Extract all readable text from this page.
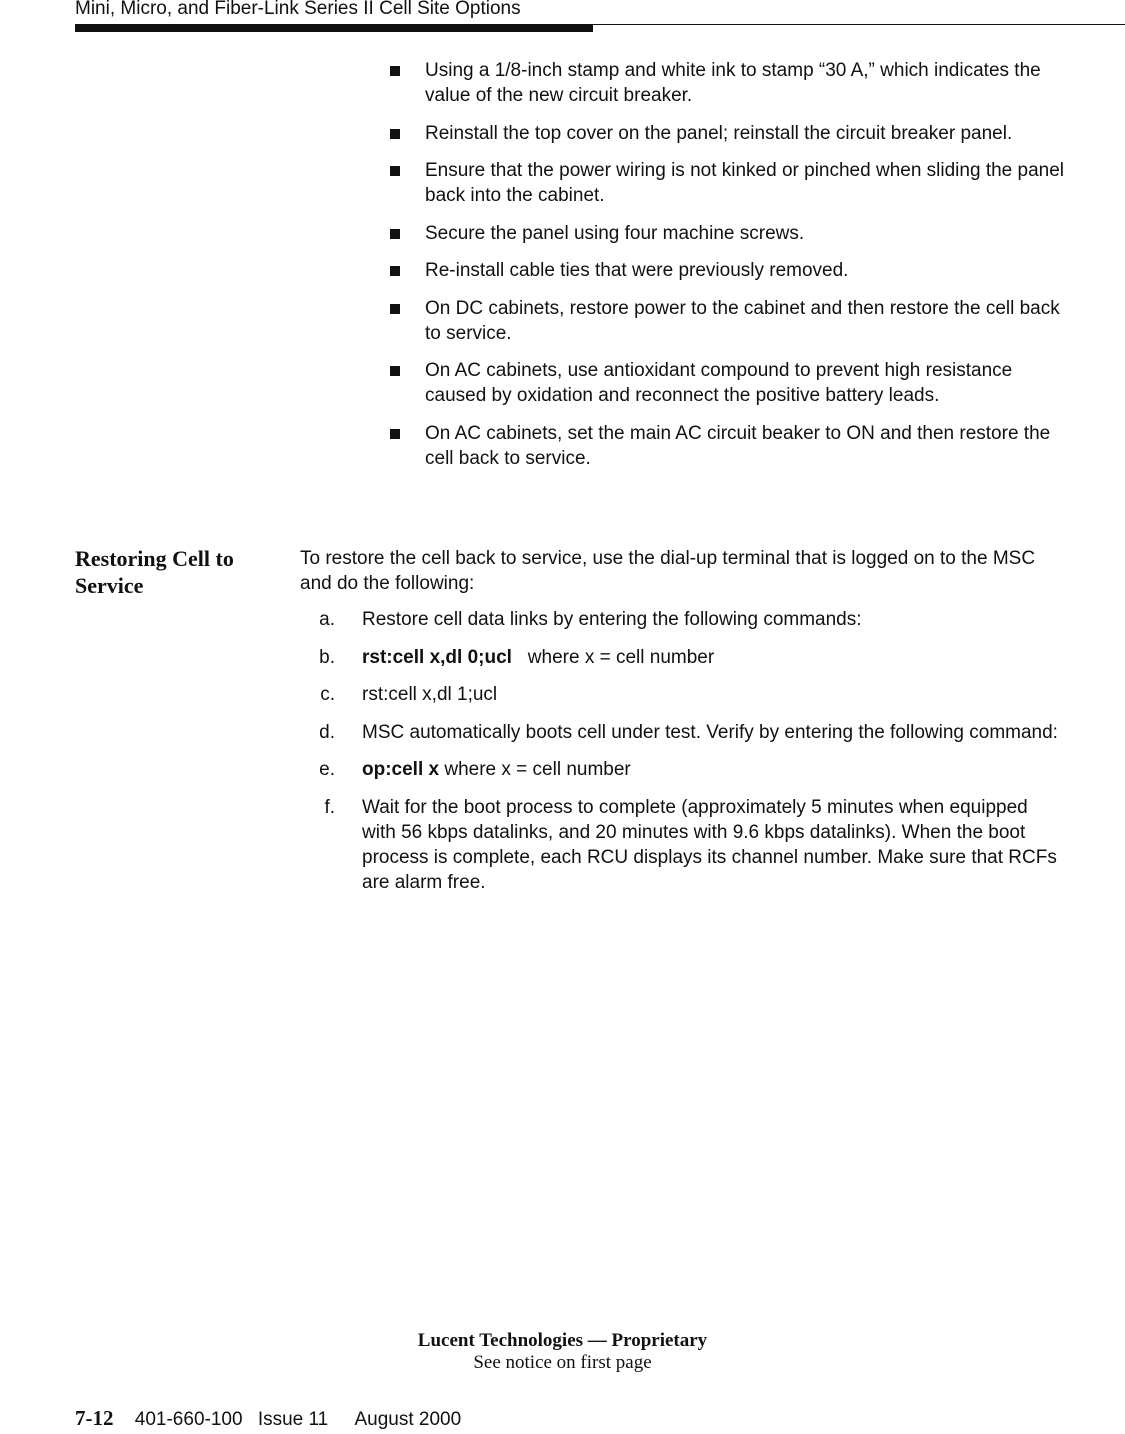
Mini, Micro, and Fiber-Link Series II Cell Site Options
Using a 1/8-inch stamp and white ink to stamp “30 A,” which indicates the value of the new circuit breaker.
Reinstall the top cover on the panel; reinstall the circuit breaker panel.
Ensure that the power wiring is not kinked or pinched when sliding the panel back into the cabinet.
Secure the panel using four machine screws.
Re-install cable ties that were previously removed.
On DC cabinets, restore power to the cabinet and then restore the cell back to service.
On AC cabinets, use antioxidant compound to prevent high resistance caused by oxidation and reconnect the positive battery leads.
On AC cabinets, set the main AC circuit beaker to ON and then restore the cell back to service.
Restoring Cell to Service

To restore the cell back to service, use the dial-up terminal that is logged on to the MSC and do the following:

a. Restore cell data links by entering the following commands:
b. rst:cell x,dl 0;ucl   where x = cell number
c. rst:cell x,dl 1;ucl
d. MSC automatically boots cell under test. Verify by entering the following command:
e. op:cell x where x = cell number
f. Wait for the boot process to complete (approximately 5 minutes when equipped with 56 kbps datalinks, and 20 minutes with 9.6 kbps datalinks). When the boot process is complete, each RCU displays its channel number. Make sure that RCFs are alarm free.
Lucent Technologies — Proprietary
See notice on first page
7-12 401-660-100 Issue 11 August 2000
